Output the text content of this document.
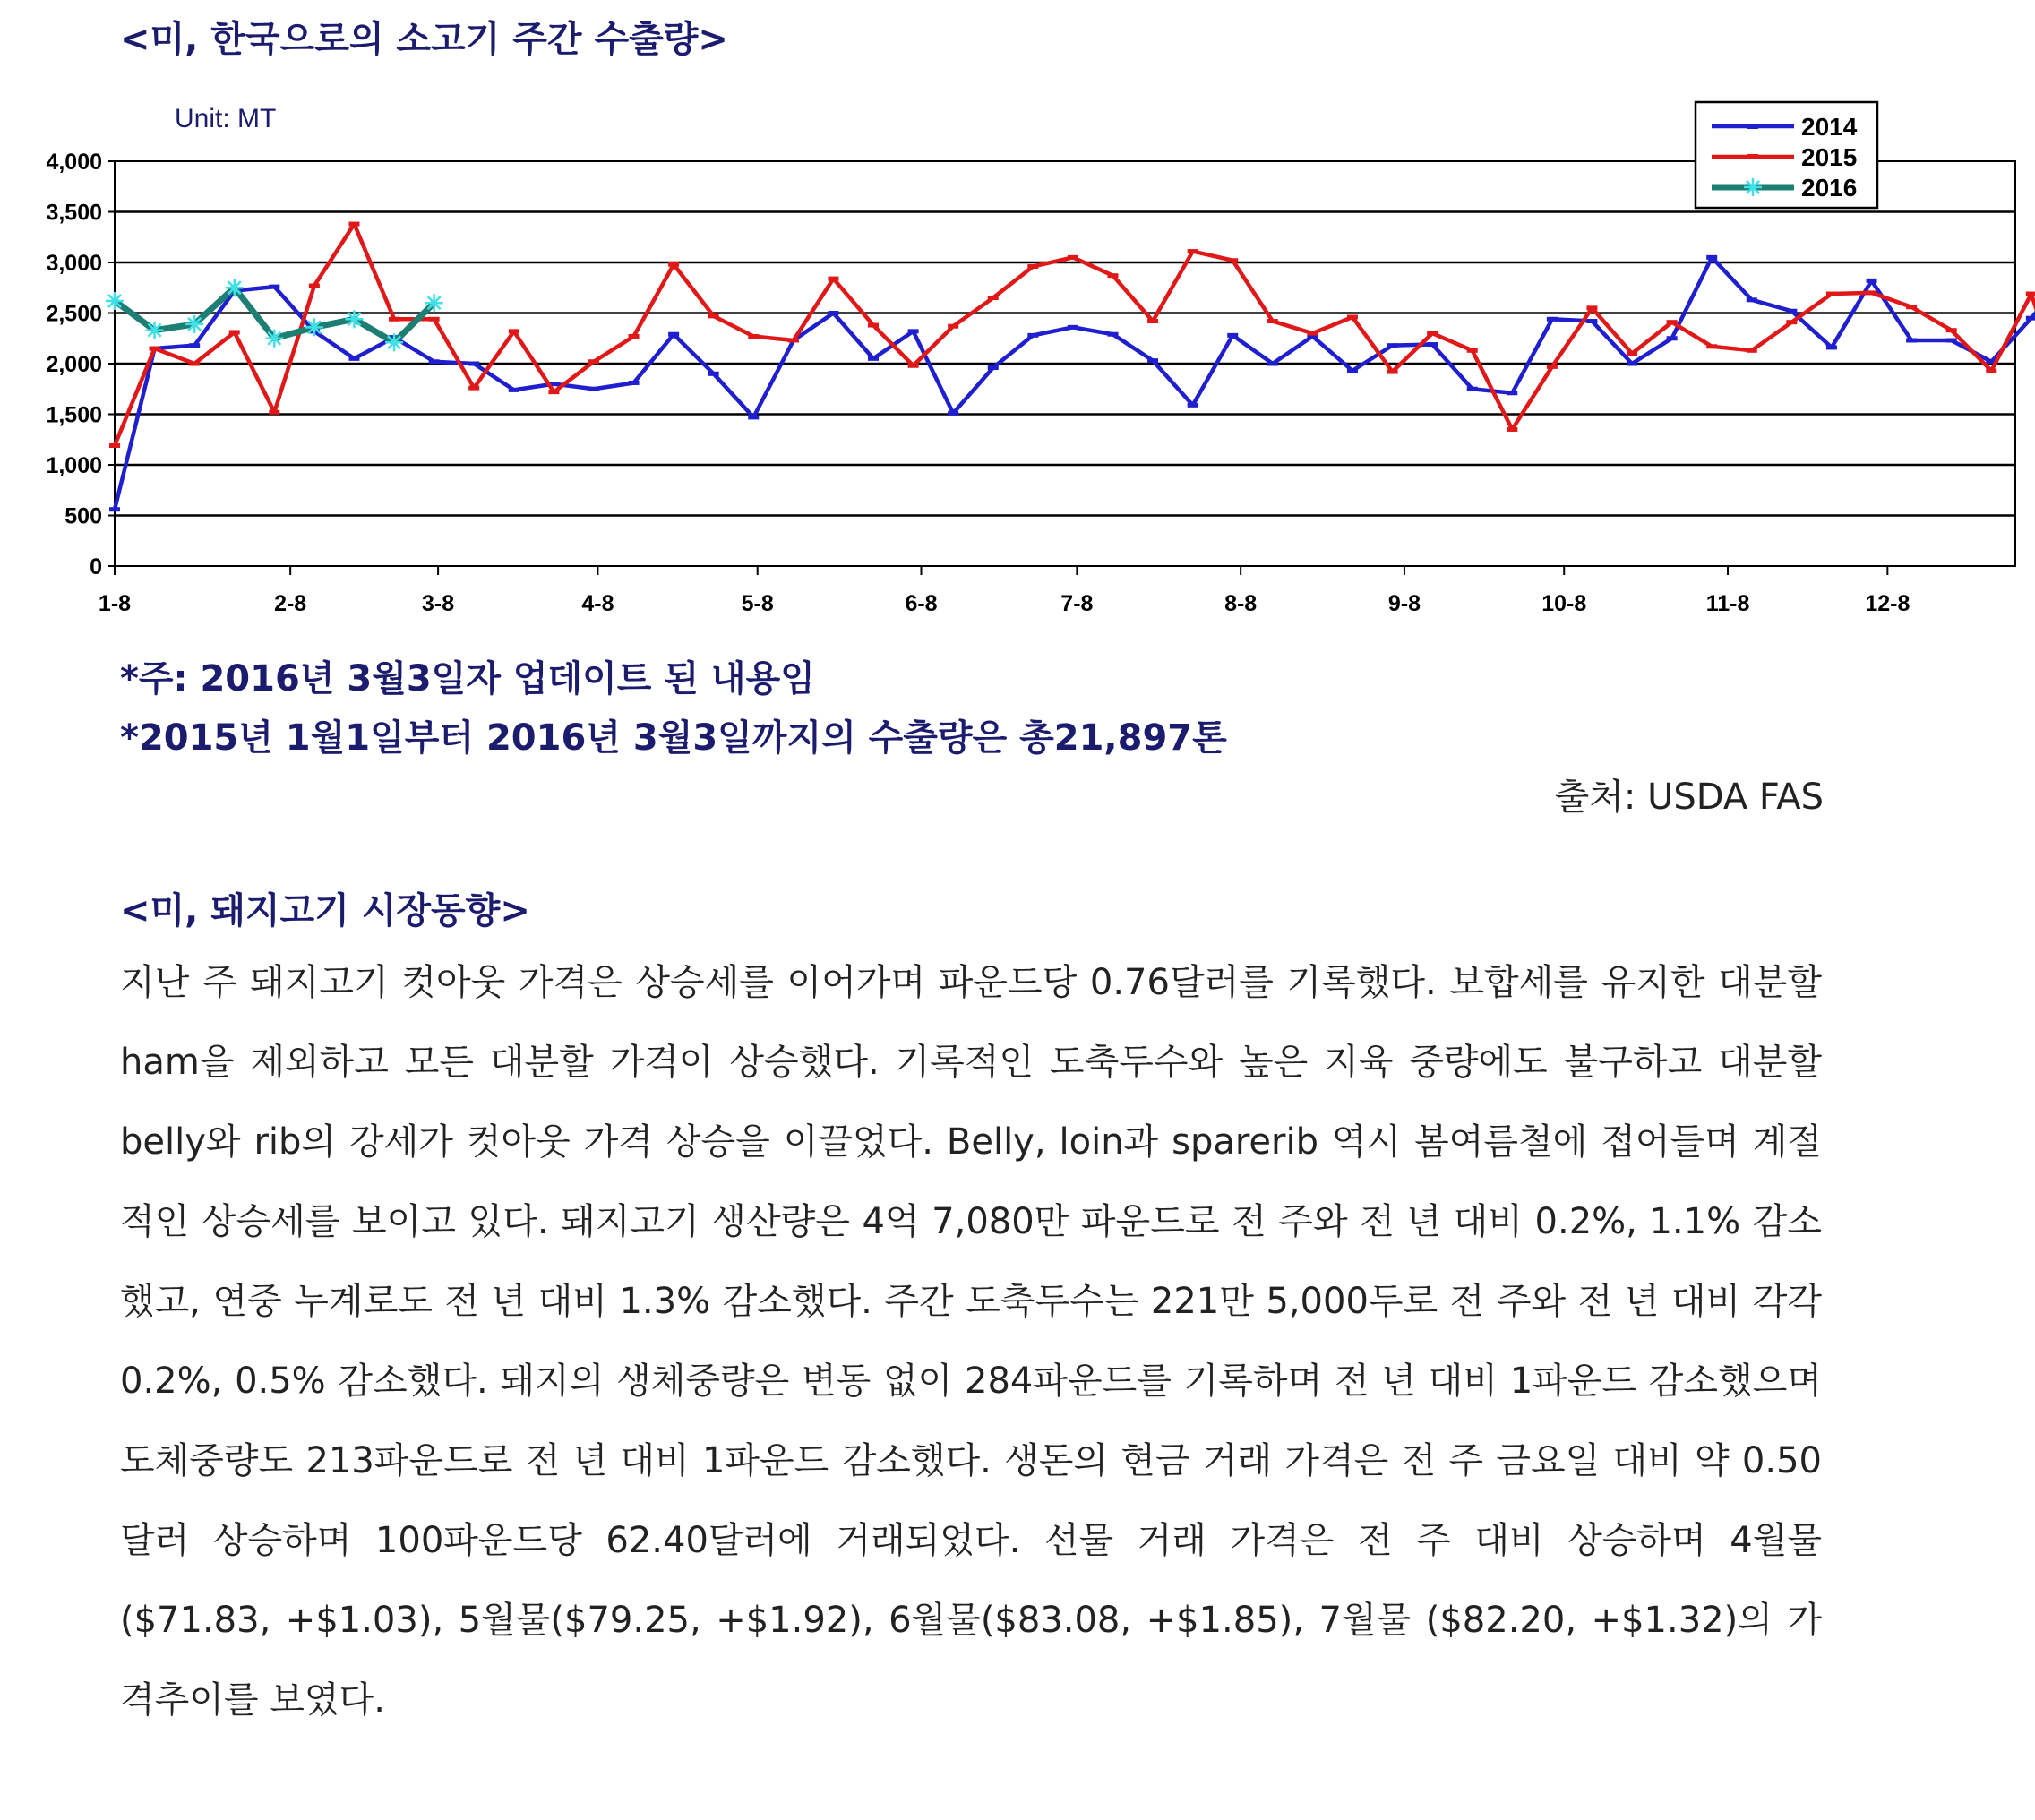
<미, 한국으로의 소고기 주간 수출량>
Unit: MT
0
500
1,000
1,500
2,000
2,500
3,000
3,500
4,000
1-8	2-8	3-8	4-8	5-8	6-8	7-8	8-8	9-8	10-8	11-8	12-8
2014
2015
2016
*주: 2016년 3월3일자 업데이트 된 내용임
*2015년 1월1일부터 2016년 3월3일까지의 수출량은 총21,897톤
출처: USDA FAS
<미, 돼지고기 시장동향>
지난 주 돼지고기 컷아웃 가격은 상승세를 이어가며 파운드당 0.76달러를 기록했다. 보합세를 유지한 대분할 ham을 제외하고 모든 대분할 가격이 상승했다. 기록적인 도축두수와 높은 지육 중량에도 불구하고 대분할 belly와 rib의 강세가 컷아웃 가격 상승을 이끌었다. Belly, loin과 sparerib 역시 봄여름철에 접어들며 계절적인 상승세를 보이고 있다. 돼지고기 생산량은 4억 7,080만 파운드로 전 주와 전 년 대비 0.2%, 1.1% 감소했고, 연중 누계로도 전 년 대비 1.3% 감소했다. 주간 도축두수는 221만 5,000두로 전 주와 전 년 대비 각각 0.2%, 0.5% 감소했다. 돼지의 생체중량은 변동 없이 284파운드를 기록하며 전 년 대비 1파운드 감소했으며 도체중량도 213파운드로 전 년 대비 1파운드 감소했다. 생돈의 현금 거래 가격은 전 주 금요일 대비 약 0.50달러 상승하며 100파운드당 62.40달러에 거래되었다. 선물 거래 가격은 전 주 대비 상승하며 4월물($71.83, +$1.03), 5월물($79.25, +$1.92), 6월물($83.08, +$1.85), 7월물 ($82.20, +$1.32)의 가격추이를 보였다.
